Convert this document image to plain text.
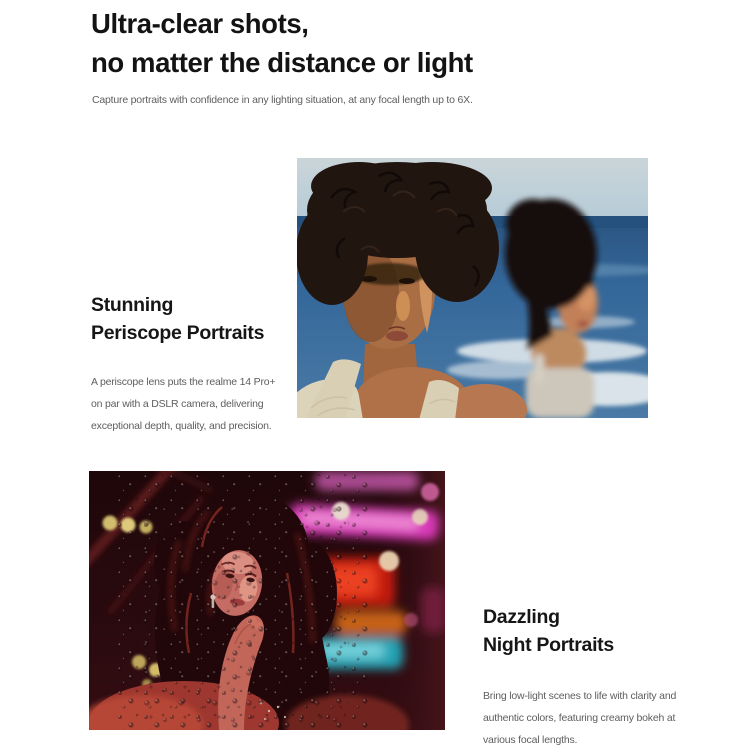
Ultra-clear shots,
no matter the distance or light
Capture portraits with confidence in any lighting situation, at any focal length up to 6X.
Stunning
Periscope Portraits
A periscope lens puts the realme 14 Pro+
on par with a DSLR camera, delivering
exceptional depth, quality, and precision.
Dazzling
Night Portraits
Bring low-light scenes to life with clarity and
authentic colors, featuring creamy bokeh at
various focal lengths.
